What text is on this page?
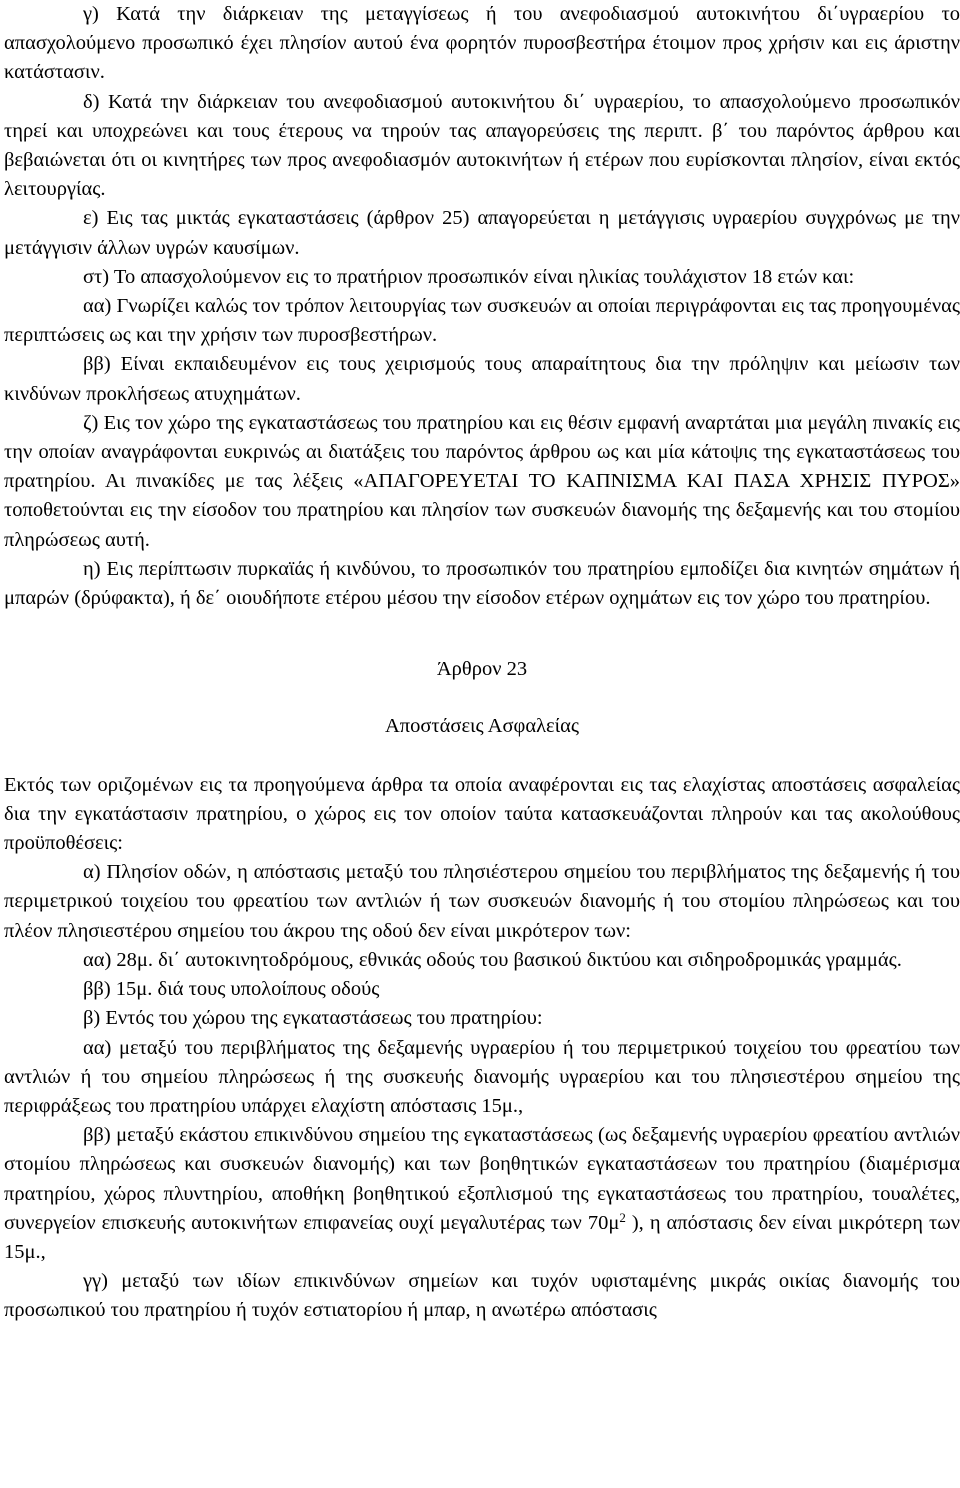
γ) Κατά την διάρκειαν της μεταγγίσεως ή του ανεφοδιασμού αυτοκινήτου δι΄υγραερίου το απασχολούμενο προσωπικό έχει πλησίον αυτού ένα φορητόν πυροσβεστήρα έτοιμον προς χρήσιν και εις άριστην κατάστασιν.

δ) Κατά την διάρκειαν του ανεφοδιασμού αυτοκινήτου δι΄ υγραερίου, το απασχολούμενο προσωπικόν τηρεί και υποχρεώνει και τους έτερους να τηρούν τας απαγορεύσεις της περιπτ. β΄ του παρόντος άρθρου και βεβαιώνεται ότι οι κινητήρες των προς ανεφοδιασμόν αυτοκινήτων ή ετέρων που ευρίσκονται πλησίον, είναι εκτός λειτουργίας.

ε) Εις τας μικτάς εγκαταστάσεις (άρθρον 25) απαγορεύεται η μετάγγισις υγραερίου συγχρόνως με την μετάγγισιν άλλων υγρών καυσίμων.

στ) Το απασχολούμενον εις το πρατήριον προσωπικόν είναι ηλικίας τουλάχιστον 18 ετών και:

αα) Γνωρίζει καλώς τον τρόπον λειτουργίας των συσκευών αι οποίαι περιγράφονται εις τας προηγουμένας περιπτώσεις ως και την χρήσιν των πυροσβεστήρων.

ββ) Είναι εκπαιδευμένον εις τους χειρισμούς τους απαραίτητους δια την πρόληψιν και μείωσιν των κινδύνων προκλήσεως ατυχημάτων.

ζ) Εις τον χώρο της εγκαταστάσεως του πρατηρίου και εις θέσιν εμφανή αναρτάται μια μεγάλη πινακίς εις την οποίαν αναγράφονται ευκρινώς αι διατάξεις του παρόντος άρθρου ως και μία κάτοψις της εγκαταστάσεως του πρατηρίου. Αι πινακίδες με τας λέξεις «ΑΠΑΓΟΡΕΥΕΤΑΙ ΤΟ ΚΑΠΝΙΣΜΑ ΚΑΙ ΠΑΣΑ ΧΡΗΣΙΣ ΠΥΡΟΣ» τοποθετούνται εις την είσοδον του πρατηρίου και πλησίον των συσκευών διανομής της δεξαμενής και του στομίου πληρώσεως αυτή.

η) Εις περίπτωσιν πυρκαϊάς ή κινδύνου, το προσωπικόν του πρατηρίου εμποδίζει δια κινητών σημάτων ή μπαρών (δρύφακτα), ή δε΄ οιουδήποτε ετέρου μέσου την είσοδον ετέρων οχημάτων εις τον χώρο του πρατηρίου.

Άρθρον 23

Αποστάσεις Ασφαλείας

Εκτός των οριζομένων εις τα προηγούμενα άρθρα τα οποία αναφέρονται εις τας ελαχίστας αποστάσεις ασφαλείας δια την εγκατάστασιν πρατηρίου, ο χώρος εις τον οποίον ταύτα κατασκευάζονται πληρούν και τας ακολούθους προϋποθέσεις:

α) Πλησίον οδών, η απόστασις μεταξύ του πλησιέστερου σημείου του περιβλήματος της δεξαμενής ή του περιμετρικού τοιχείου του φρεατίου των αντλιών ή των συσκευών διανομής ή του στομίου πληρώσεως και του πλέον πλησιεστέρου σημείου του άκρου της οδού δεν είναι μικρότερον των:

αα) 28μ. δι΄ αυτοκινητοδρόμους, εθνικάς οδούς του βασικού δικτύου και σιδηροδρομικάς γραμμάς.

ββ) 15μ. διά τους υπολοίπους οδούς

β) Εντός του χώρου της εγκαταστάσεως του πρατηρίου:

αα) μεταξύ του περιβλήματος της δεξαμενής υγραερίου ή του περιμετρικού τοιχείου του φρεατίου των αντλιών ή του σημείου πληρώσεως ή της συσκευής διανομής υγραερίου και του πλησιεστέρου σημείου της περιφράξεως του πρατηρίου υπάρχει ελαχίστη απόστασις 15μ.,

ββ) μεταξύ εκάστου επικινδύνου σημείου της εγκαταστάσεως (ως δεξαμενής υγραερίου φρεατίου αντλιών στομίου πληρώσεως και συσκευών διανομής) και των βοηθητικών εγκαταστάσεων του πρατηρίου (διαμέρισμα πρατηρίου, χώρος πλυντηρίου, αποθήκη βοηθητικού εξοπλισμού της εγκαταστάσεως του πρατηρίου, τουαλέτες, συνεργείον επισκευής αυτοκινήτων επιφανείας ουχί μεγαλυτέρας των $70\mu^2$ ), η απόστασις δεν είναι μικρότερη των 15μ.,

γγ) μεταξύ των ιδίων επικινδύνων σημείων και τυχόν υφισταμένης μικράς οικίας διανομής του προσωπικού του πρατηρίου ή τυχόν εστιατορίου ή μπαρ, η ανωτέρω απόστασις
